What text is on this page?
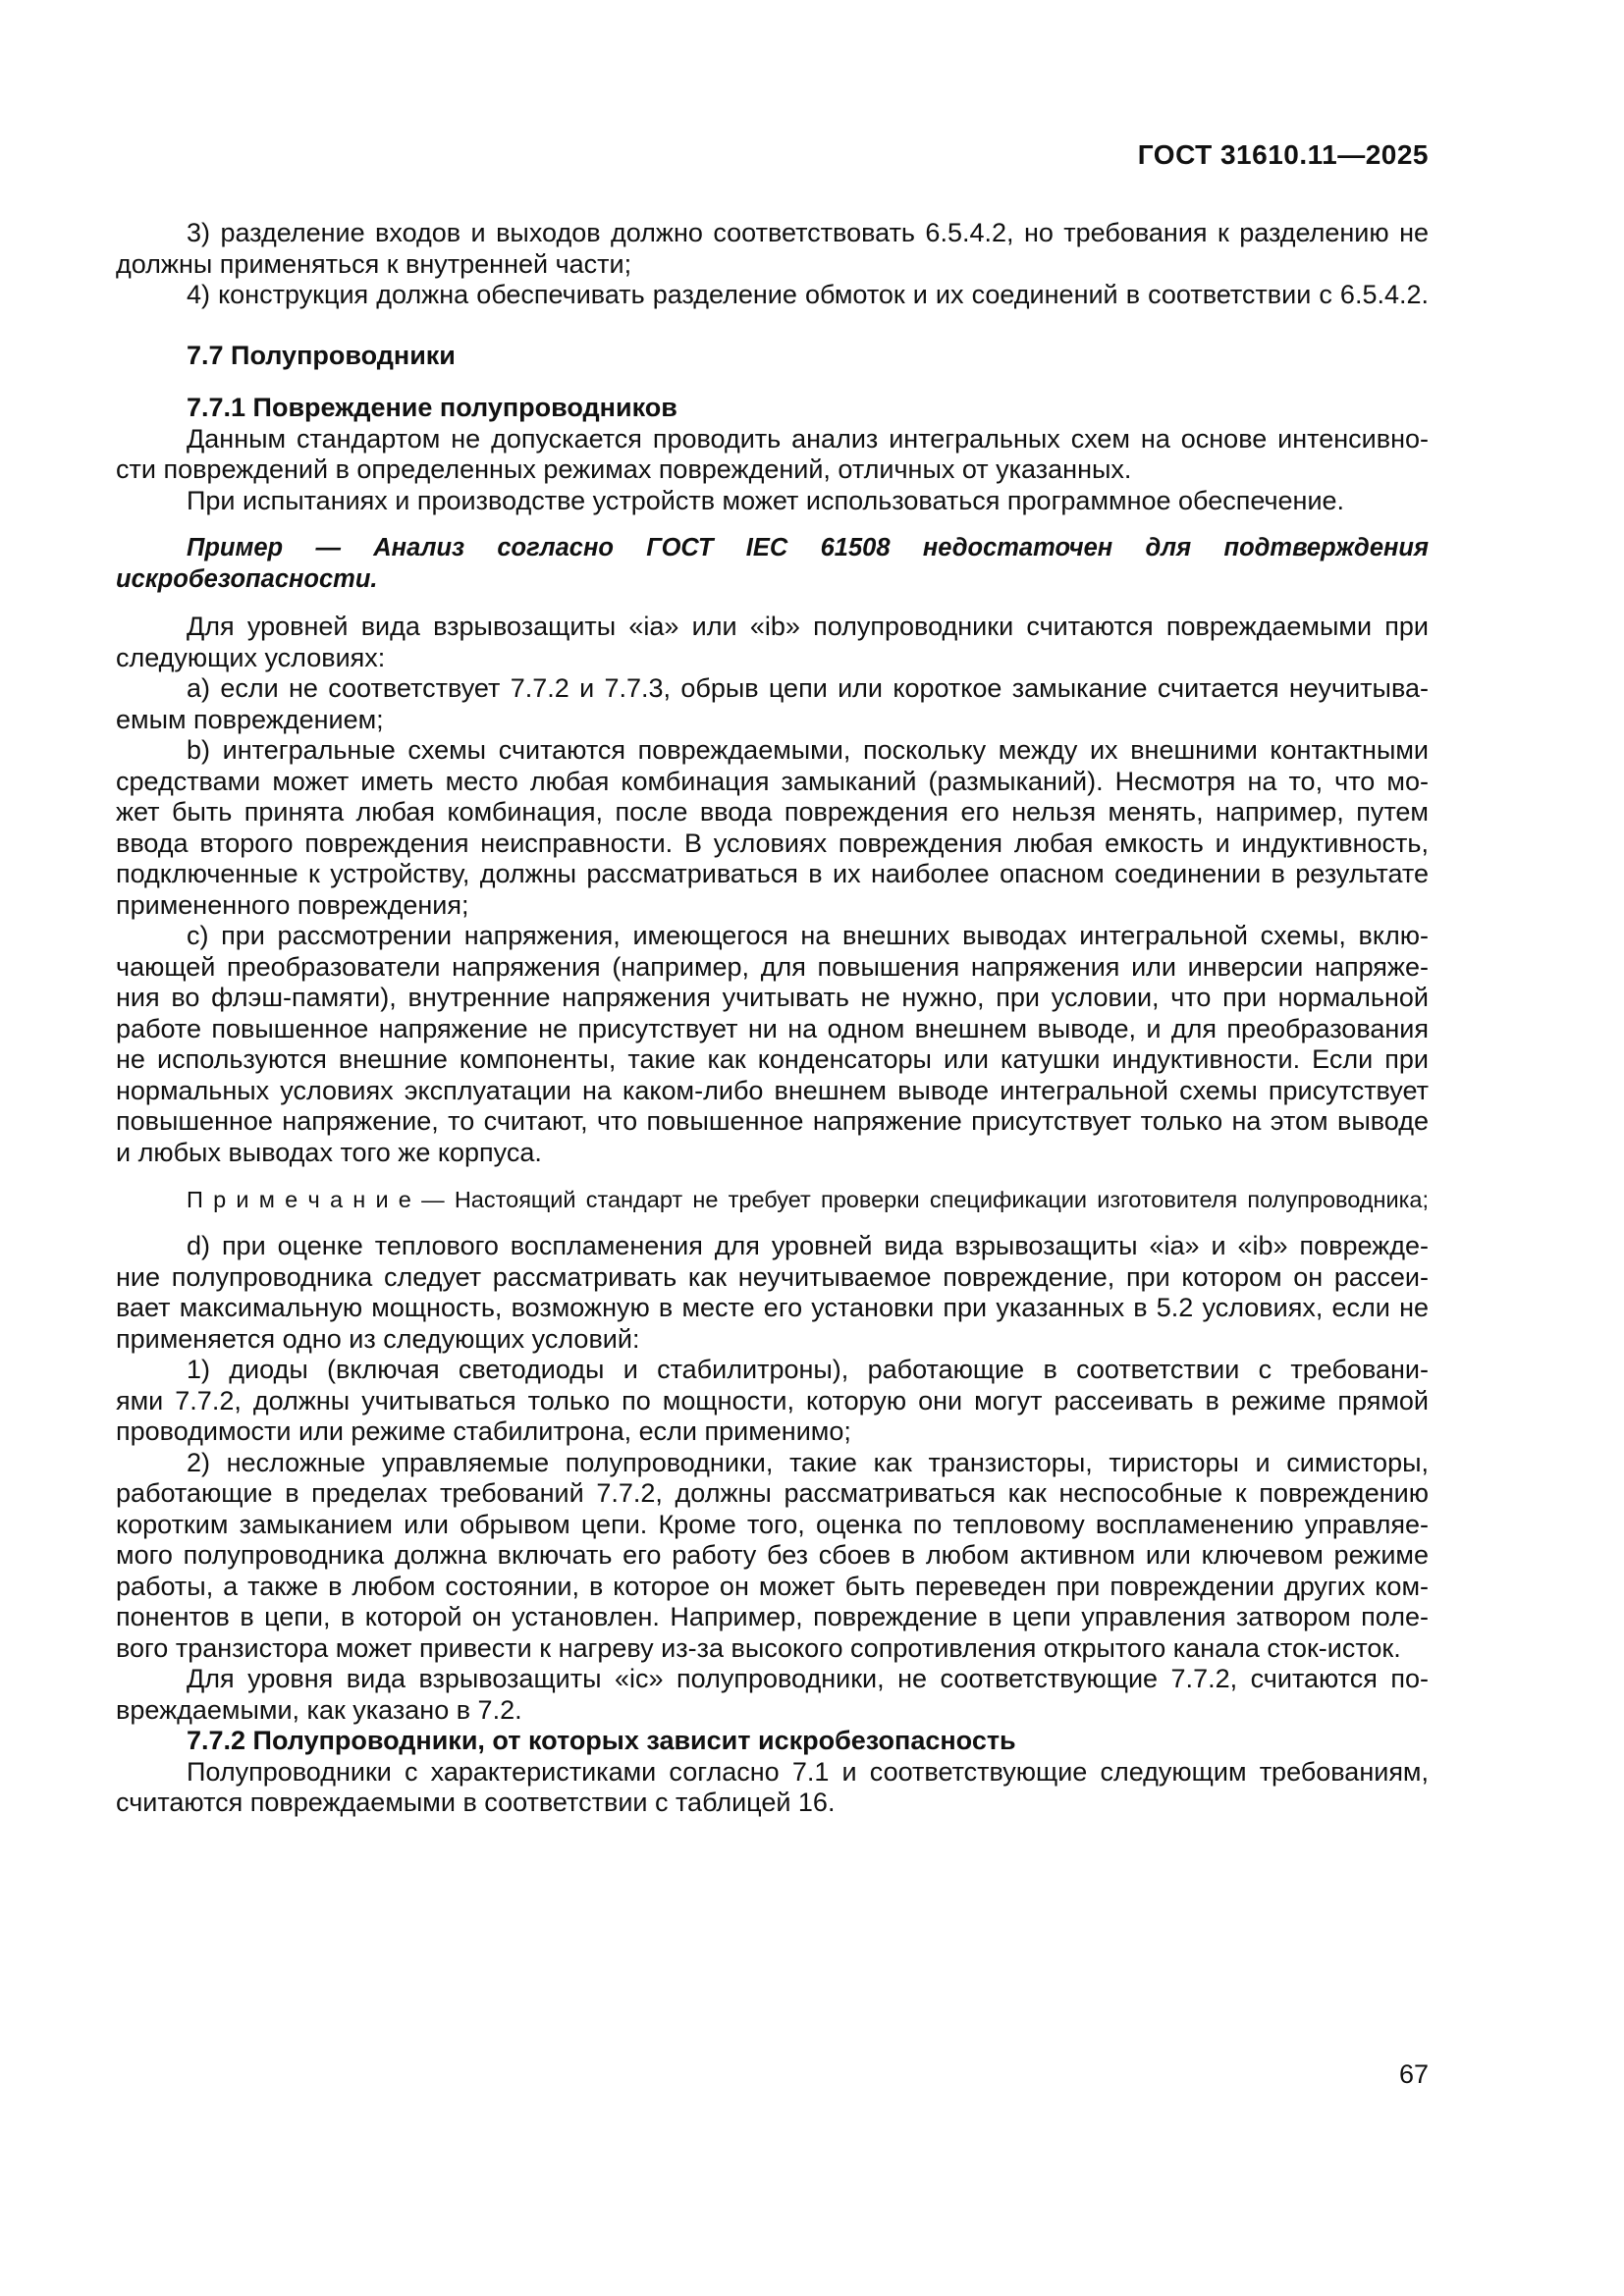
ГОСТ 31610.11—2025
3) разделение входов и выходов должно соответствовать 6.5.4.2, но требования к разделению не
должны применяться к внутренней части;
4) конструкция должна обеспечивать разделение обмоток и их соединений в соответствии с 6.5.4.2.
7.7 Полупроводники
7.7.1 Повреждение полупроводников
Данным стандартом не допускается проводить анализ интегральных схем на основе интенсивно-
сти повреждений в определенных режимах повреждений, отличных от указанных.
При испытаниях и производстве устройств может использоваться программное обеспечение.
Пример — Анализ согласно ГОСТ IEC 61508 недостаточен для подтверждения искробезопасности.
Для уровней вида взрывозащиты «ia» или «ib» полупроводники считаются повреждаемыми при
следующих условиях:
a) если не соответствует 7.7.2 и 7.7.3, обрыв цепи или короткое замыкание считается неучитыва-
емым повреждением;
b) интегральные схемы считаются повреждаемыми, поскольку между их внешними контактными
средствами может иметь место любая комбинация замыканий (размыканий). Несмотря на то, что мо-
жет быть принята любая комбинация, после ввода повреждения его нельзя менять, например, путем
ввода второго повреждения неисправности. В условиях повреждения любая емкость и индуктивность,
подключенные к устройству, должны рассматриваться в их наиболее опасном соединении в результате
примененного повреждения;
c) при рассмотрении напряжения, имеющегося на внешних выводах интегральной схемы, вклю-
чающей преобразователи напряжения (например, для повышения напряжения или инверсии напряже-
ния во флэш-памяти), внутренние напряжения учитывать не нужно, при условии, что при нормальной
работе повышенное напряжение не присутствует ни на одном внешнем выводе, и для преобразования
не используются внешние компоненты, такие как конденсаторы или катушки индуктивности. Если при
нормальных условиях эксплуатации на каком-либо внешнем выводе интегральной схемы присутствует
повышенное напряжение, то считают, что повышенное напряжение присутствует только на этом выводе
и любых выводах того же корпуса.
П р и м е ч а н и е — Настоящий стандарт не требует проверки спецификации изготовителя полупроводника;
d) при оценке теплового воспламенения для уровней вида взрывозащиты «ia» и «ib» поврежде-
ние полупроводника следует рассматривать как неучитываемое повреждение, при котором он рассеи-
вает максимальную мощность, возможную в месте его установки при указанных в 5.2 условиях, если не
применяется одно из следующих условий:
1) диоды (включая светодиоды и стабилитроны), работающие в соответствии с требовани-
ями 7.7.2, должны учитываться только по мощности, которую они могут рассеивать в режиме прямой
проводимости или режиме стабилитрона, если применимо;
2) несложные управляемые полупроводники, такие как транзисторы, тиристоры и симисторы,
работающие в пределах требований 7.7.2, должны рассматриваться как неспособные к повреждению
коротким замыканием или обрывом цепи. Кроме того, оценка по тепловому воспламенению управляе-
мого полупроводника должна включать его работу без сбоев в любом активном или ключевом режиме
работы, а также в любом состоянии, в которое он может быть переведен при повреждении других ком-
понентов в цепи, в которой он установлен. Например, повреждение в цепи управления затвором поле-
вого транзистора может привести к нагреву из-за высокого сопротивления открытого канала сток-исток.
Для уровня вида взрывозащиты «ic» полупроводники, не соответствующие 7.7.2, считаются по-
вреждаемыми, как указано в 7.2.
7.7.2 Полупроводники, от которых зависит искробезопасность
Полупроводники с характеристиками согласно 7.1 и соответствующие следующим требованиям,
считаются повреждаемыми в соответствии с таблицей 16.
67
